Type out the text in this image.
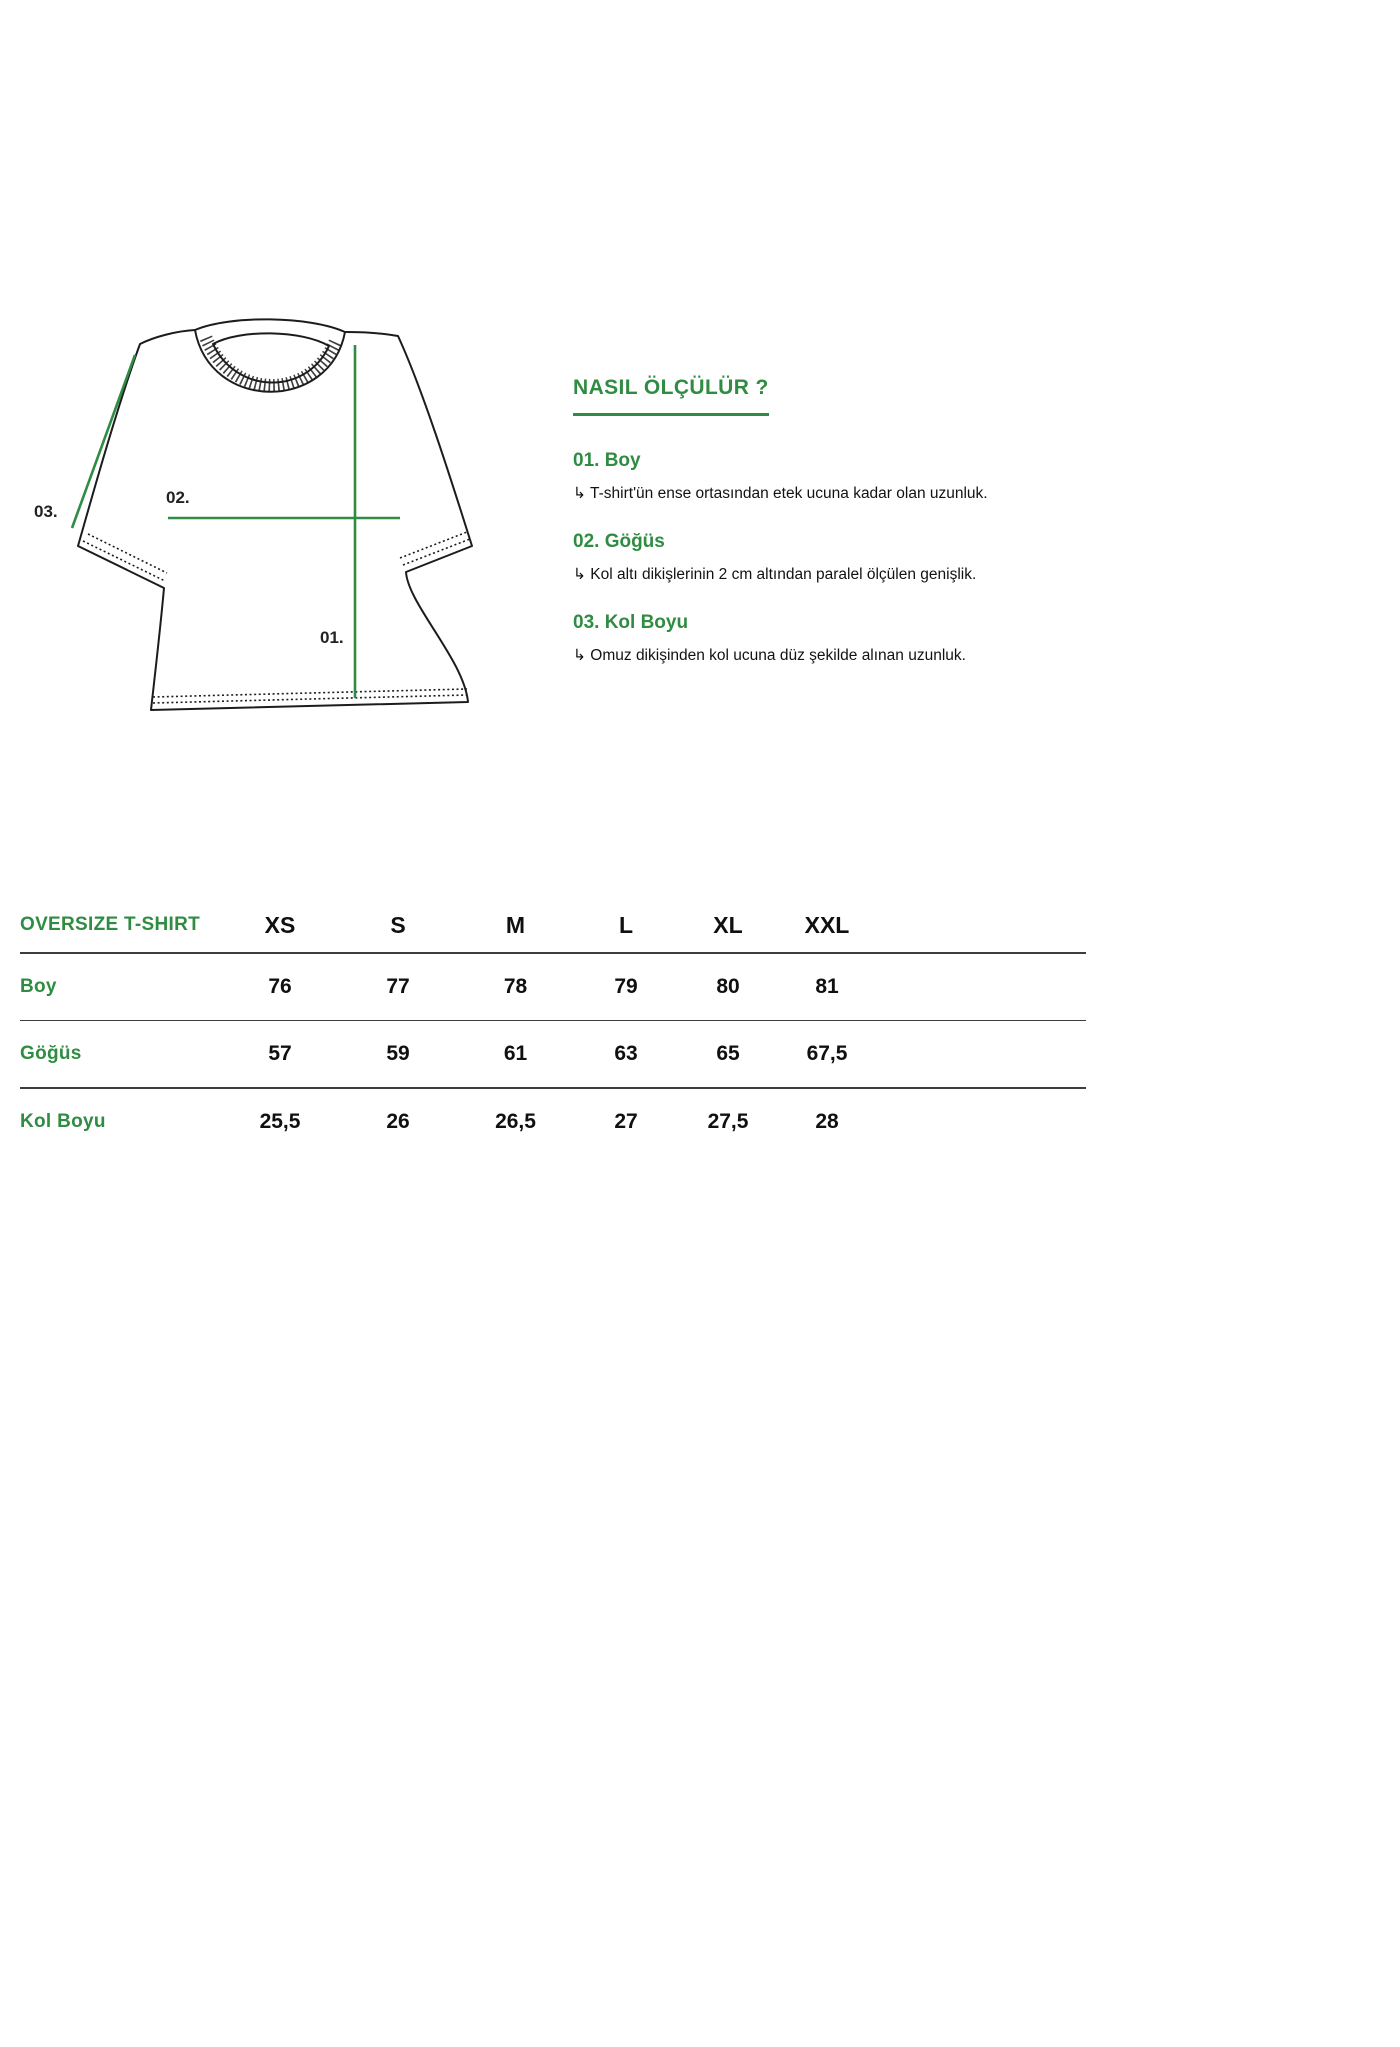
03.
02.
01.
NASIL ÖLÇÜLÜR ?
01. Boy

↳ T-shirt'ün ense ortasından etek ucuna kadar olan uzunluk.

02. Göğüs

↳ Kol altı dikişlerinin 2 cm altından paralel ölçülen genişlik.

03. Kol Boyu

↳ Omuz dikişinden kol ucuna düz şekilde alınan uzunluk.

OVERSIZE T-SHIRT	XS	S	M	L	XL	XXL
Boy	76	77	78	79	80	81
Göğüs	57	59	61	63	65	67,5
Kol Boyu	25,5	26	26,5	27	27,5	28
